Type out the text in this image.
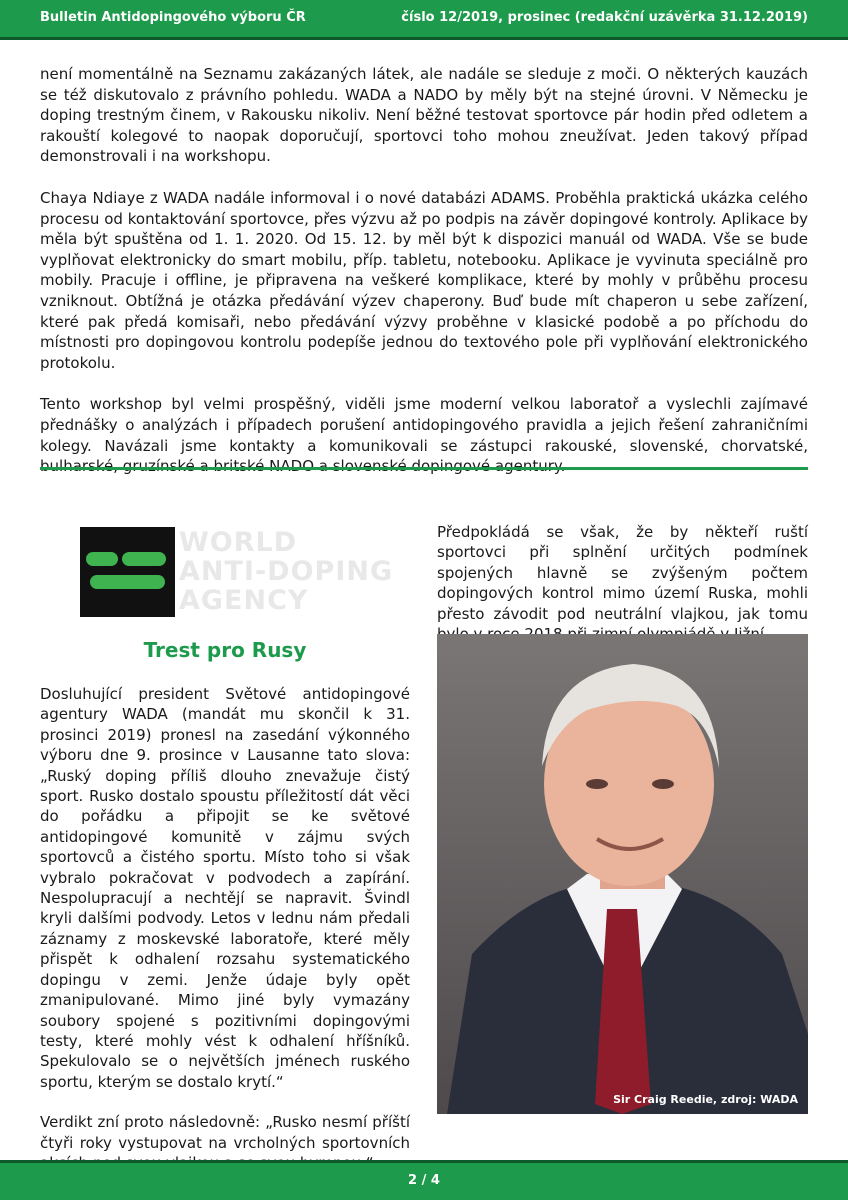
Bulletin Antidopingového výboru ČR	číslo 12/2019, prosinec (redakční uzávěrka 31.12.2019)

není momentálně na Seznamu zakázaných látek, ale nadále se sleduje z moči. O některých kauzách se též diskutovalo z právního pohledu. WADA a NADO by měly být na stejné úrovni. V Německu je doping trestným činem, v Rakousku nikoliv. Není běžné testovat sportovce pár hodin před odletem a rakouští kolegové to naopak doporučují, sportovci toho mohou zneužívat. Jeden takový případ demonstrovali i na workshopu.

Chaya Ndiaye z WADA nadále informoval i o nové databázi ADAMS. Proběhla praktická ukázka celého procesu od kontaktování sportovce, přes výzvu až po podpis na závěr dopingové kontroly. Aplikace by měla být spuštěna od 1. 1. 2020. Od 15. 12. by měl být k dispozici manuál od WADA. Vše se bude vyplňovat elektronicky do smart mobilu, příp. tabletu, notebooku. Aplikace je vyvinuta speciálně pro mobily. Pracuje i offline, je připravena na veškeré komplikace, které by mohly v průběhu procesu vzniknout. Obtížná je otázka předávání výzev chaperony. Buď bude mít chaperon u sebe zařízení, které pak předá komisaři, nebo předávání výzvy proběhne v klasické podobě a po příchodu do místnosti pro dopingovou kontrolu podepíše jednou do textového pole při vyplňování elektronického protokolu.

Tento workshop byl velmi prospěšný, viděli jsme moderní velkou laboratoř a vyslechli zajímavé přednášky o analýzách i případech porušení antidopingového pravidla a jejich řešení zahraničními kolegy. Navázali jsme kontakty a komunikovali se zástupci rakouské, slovenské, chorvatské,

WORLD
ANTI-DOPING
AGENCY
Trest pro Rusy

Dosluhující president Světové antidopingové agentury WADA (mandát mu skončil k 31. prosinci 2019) pronesl na zasedání výkonného výboru dne 9. prosince v Lausanne tato slova: „Ruský doping příliš dlouho znevažuje čistý sport. Rusko dostalo spoustu příležitostí dát věci do pořádku a připojit se ke světové antidopingové komunitě v zájmu svých sportovců a čistého sportu. Místo toho si však vybralo pokračovat v podvodech a zapírání. Nespolupracují a nechtějí se napravit. Švindl kryli dalšími podvody. Letos v lednu nám předali záznamy z moskevské laboratoře, které měly přispět k odhalení rozsahu systematického dopingu v zemi. Jenže údaje byly opět zmanipulované. Mimo jiné byly vymazány soubory spojené s pozitivními dopingovými testy, které mohly vést k odhalení hříšníků. Spekulovalo se o největších jménech ruského sportu, kterým se dostalo krytí.“

Verdikt zní proto následovně: „Rusko nesmí příští čtyři roky vystupovat na vrcholných sportovních

Předpokládá se však, že by někteří ruští sportovci při splnění určitých podmínek spojených hlavně se zvýšeným počtem dopingových kontrol mimo území Ruska, mohli přesto závodit pod neutrální vlajkou, jak tomu
Sir Craig Reedie, zdroj: WADA
2 / 4
